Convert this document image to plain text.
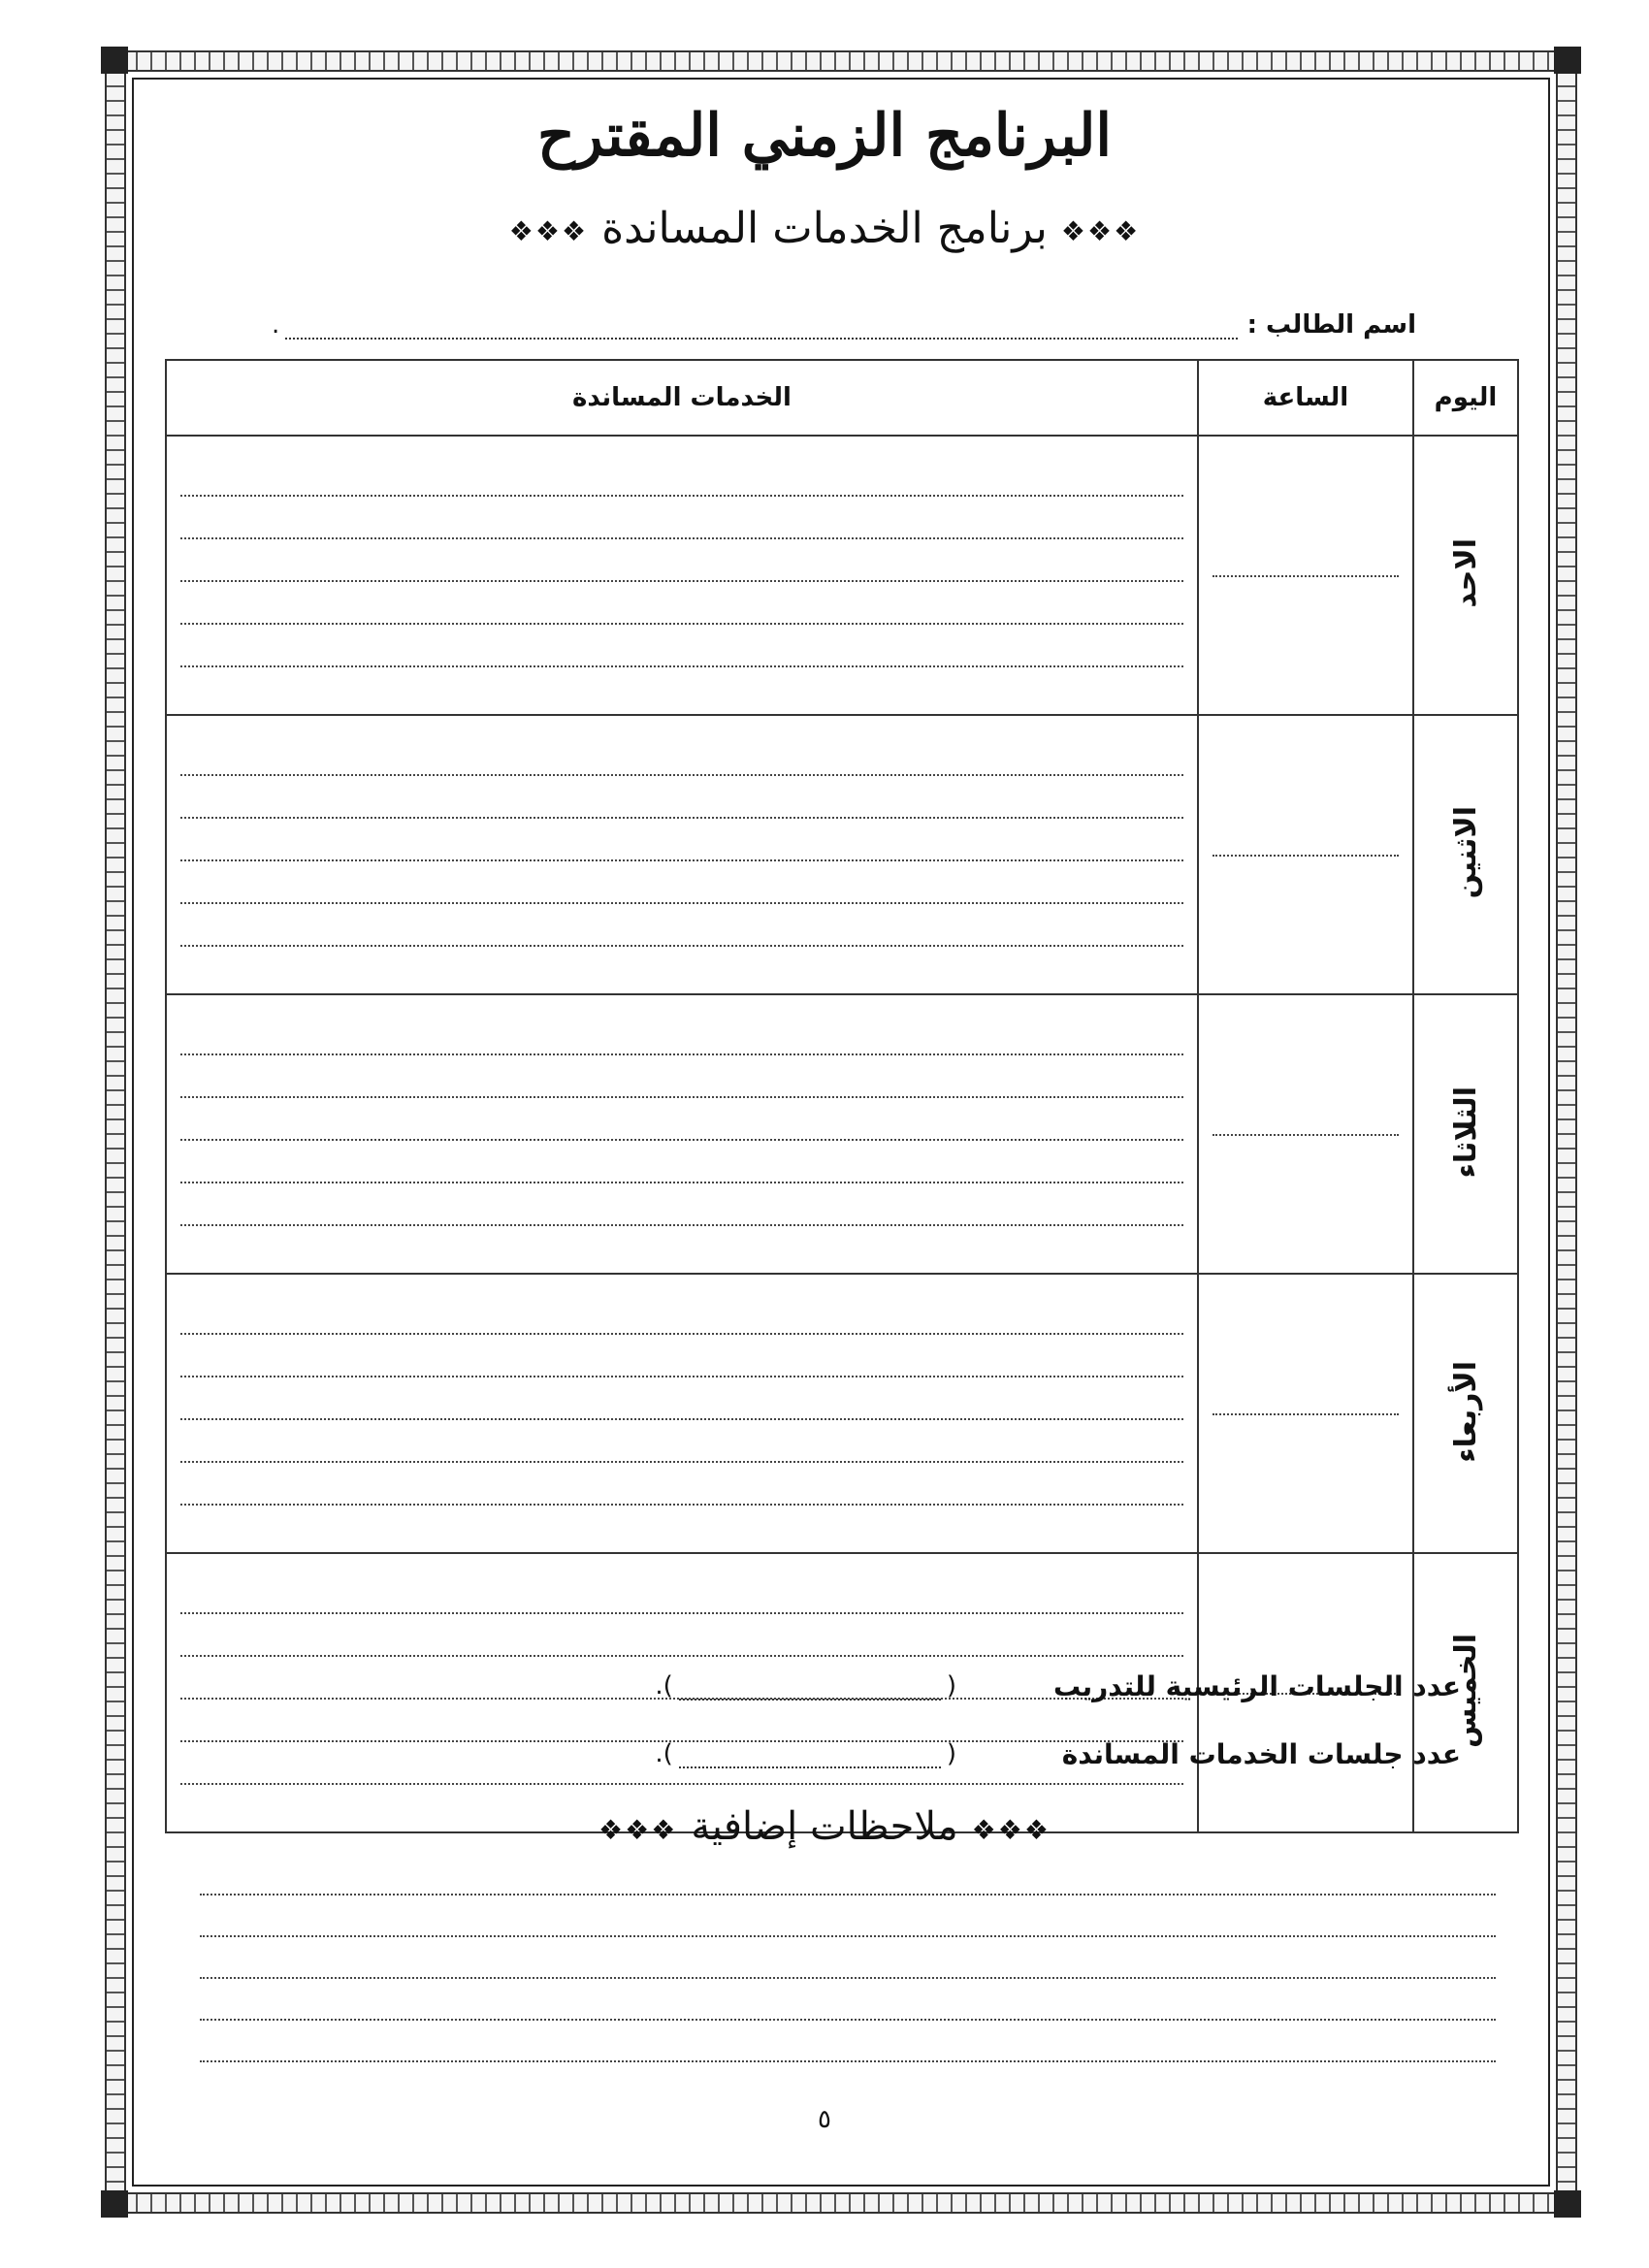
البرنامج الزمني المقترح
❖❖❖ برنامج الخدمات المساندة ❖❖❖
اسم الطالب :
.
اليوم	الساعة	الخدمات المساندة
الاحد	

الاثنين	

الثلاثاء	

الأربعاء	

الخميس	

عدد الجلسات الرئيسية للتدريب
(
).
عدد جلسات الخدمات المساندة
(
).
❖❖❖ ملاحظات إضافية ❖❖❖
٥
